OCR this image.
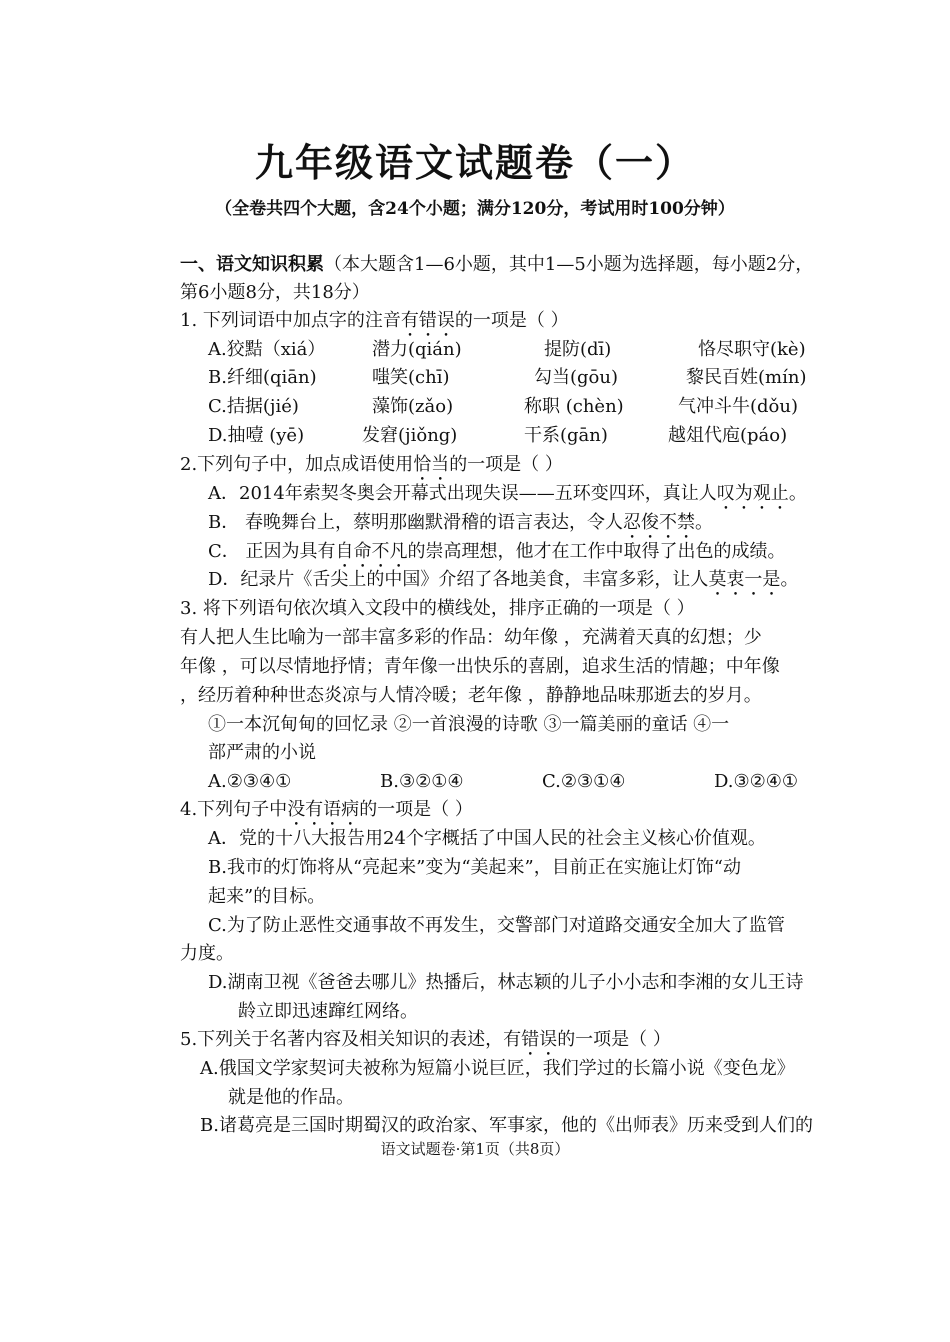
九年级语文试题卷（一）
（全卷共四个大题，含24个小题；满分120分，考试用时100分钟）
一、语文知识积累（本大题含1—6小题，其中1—5小题为选择题，每小题2分，
第6小题8分，共18分）
1. 下列词语中加点字的注音有错误的一项是（ ）
A.狡黠（xiá）	潜力(qián)	提防(dī)	恪尽职守(kè)
B.纤细(qiān)	嗤笑(chī)	勾当(gōu)	黎民百姓(mín)
C.拮据(jié)	藻饰(zǎo)	称职 (chèn)	气冲斗牛(dǒu)
D.抽噎 (yē)	发窘(jiǒng)	干系(gān)	越俎代庖(páo)
2.下列句子中，加点成语使用恰当的一项是（ ）
A．2014年索契冬奥会开幕式出现失误——五环变四环，真让人叹为观止。
B． 春晚舞台上，蔡明那幽默滑稽的语言表达，令人忍俊不禁。
C． 正因为具有自命不凡的崇高理想，他才在工作中取得了出色的成绩。
D．纪录片《舌尖上的中国》介绍了各地美食，丰富多彩，让人莫衷一是。
3. 将下列语句依次填入文段中的横线处，排序正确的一项是（ ）
有人把人生比喻为一部丰富多彩的作品：幼年像 ，充满着天真的幻想；少
年像 ，可以尽情地抒情；青年像一出快乐的喜剧，追求生活的情趣；中年像
，经历着种种世态炎凉与人情冷暖；老年像 ，静静地品味那逝去的岁月。
①一本沉甸甸的回忆录 ②一首浪漫的诗歌 ③一篇美丽的童话 ④一
部严肃的小说
A.②③④①	B.③②①④	C.②③①④	D.③②④①
4.下列句子中没有语病的一项是（ ）
A．党的十八大报告用24个字概括了中国人民的社会主义核心价值观。
B.我市的灯饰将从“亮起来”变为“美起来”，目前正在实施让灯饰“动
起来”的目标。
C.为了防止恶性交通事故不再发生，交警部门对道路交通安全加大了监管
力度。
D.湖南卫视《爸爸去哪儿》热播后，林志颖的儿子小小志和李湘的女儿王诗
龄立即迅速蹿红网络。
5.下列关于名著内容及相关知识的表述，有错误的一项是（ ）
A.俄国文学家契诃夫被称为短篇小说巨匠，我们学过的长篇小说《变色龙》
就是他的作品。
B.诸葛亮是三国时期蜀汉的政治家、军事家，他的《出师表》历来受到人们的
语文试题卷·第1页（共8页）
